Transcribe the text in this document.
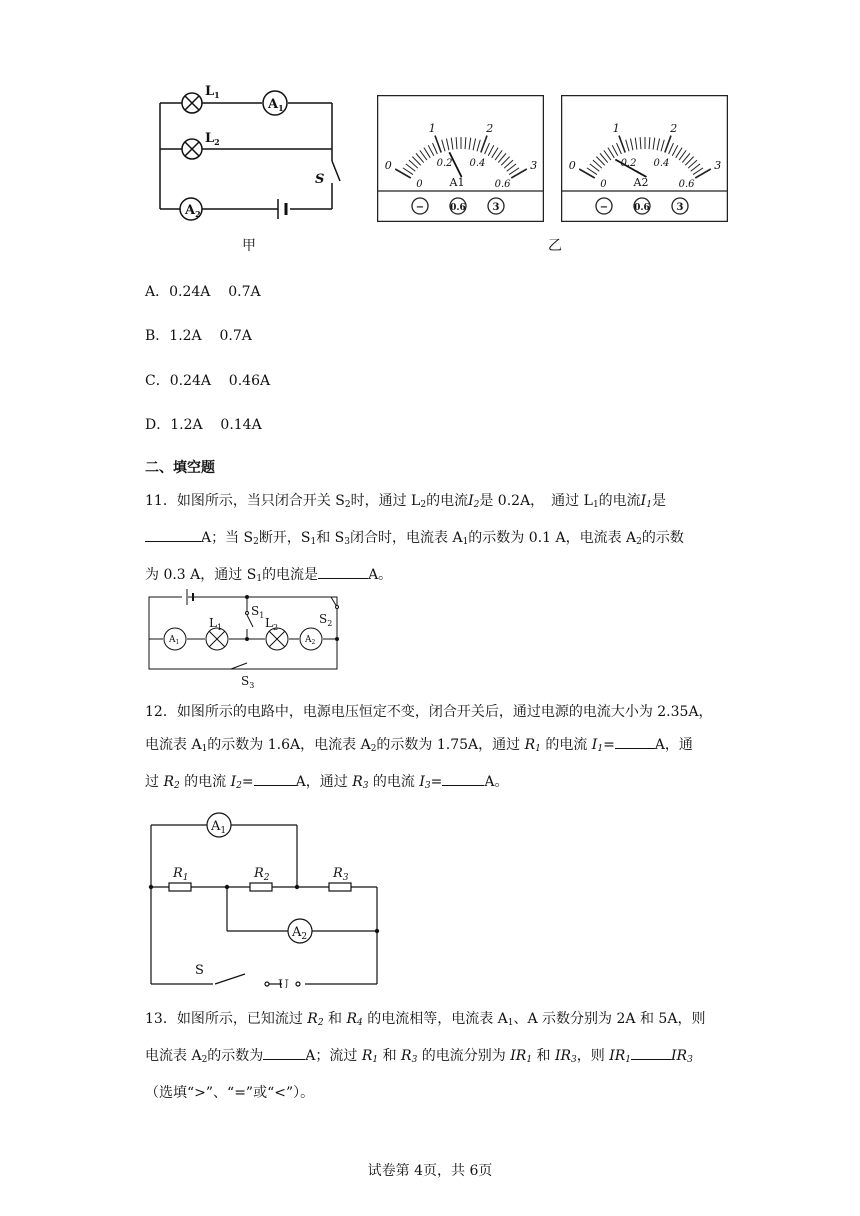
$L_1$
$L_2$
$A_1$
$A_2$
S
甲
0
1	2
3
0
0.2 0.4
0.6
A1
−	0.6	3
0
1	2
3
0
0.2 0.4
0.6
A2
−	0.6	3
乙
A．0.24A    0.7A
B．1.2A    0.7A
C．0.24A    0.46A
D．1.2A    0.14A
二、填空题
11．如图所示，当只闭合开关 $S_2$时，通过 $L_2$的电流$I_2$是 0.2A，　通过 $L_1$的电流$I_1$是
A；当 $S_2$断开，$S_1$和 $S_3$闭合时，电流表 $A_1$的示数为 0.1 A，电流表 $A_2$的示数
为 0.3 A，通过 $S_1$的电流是	A。
$A_1$	$A_2$
$L_1$	$L_2$
$S_1$	$S_2$
$S_3$
12．如图所示的电路中，电源电压恒定不变，闭合开关后，通过电源的电流大小为 2.35A，
电流表 $A_1$的示数为 1.6A，电流表 $A_2$的示数为 1.75A，通过 $R_1$ 的电流 $I_1=$	A，通
过 $R_2$ 的电流 $I_2=$	A，通过 $R_3$ 的电流 $I_3=$	A。
$A_1$
$A_2$
$R_1$	$R_2$	$R_3$
S
U
13．如图所示，已知流过 $R_2$ 和 $R_4$ 的电流相等，电流表 $A_1$、A 示数分别为 2A 和 5A，则
电流表 $A_2$的示数为	A；流过 $R_1$ 和 $R_3$ 的电流分别为 $IR_1$ 和 $IR_3$，则 $IR_1$	$IR_3$
（选填“>”、“=”或“<”）。
试卷第 4页，共 6页
